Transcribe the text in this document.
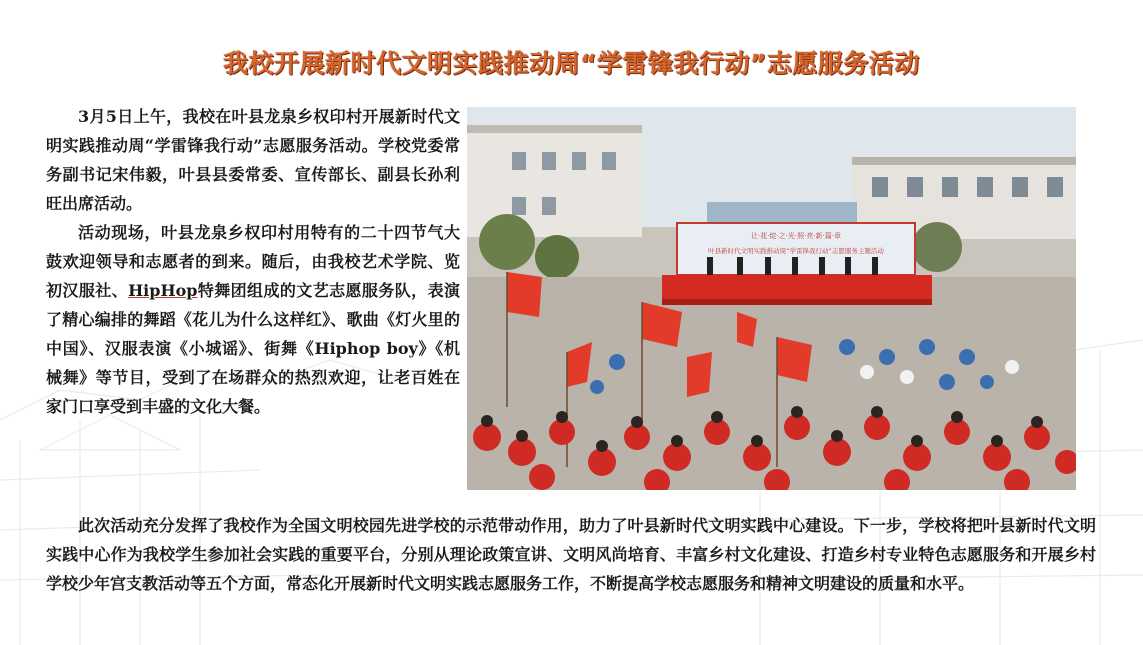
我校开展新时代文明实践推动周“学雷锋我行动”志愿服务活动

3月5日上午，我校在叶县龙泉乡权印村开展新时代文明实践推动周“学雷锋我行动”志愿服务活动。学校党委常务副书记宋伟毅，叶县县委常委、宣传部长、副县长孙利旺出席活动。

活动现场，叶县龙泉乡权印村用特有的二十四节气大鼓欢迎领导和志愿者的到来。随后，由我校艺术学院、览初汉服社、HipHop特舞团组成的文艺志愿服务队，表演了精心编排的舞蹈《花儿为什么这样红》、歌曲《灯火里的中国》、汉服表演《小城谣》、街舞《Hiphop boy》《机械舞》等节目，受到了在场群众的热烈欢迎，让老百姓在家门口享受到丰盛的文化大餐。

让·花·绽·之·光·照·亮·新·篇·章
叶县新时代文明实践推动周“学雷锋我行动”志愿服务主题活动

此次活动充分发挥了我校作为全国文明校园先进学校的示范带动作用，助力了叶县新时代文明实践中心建设。下一步，学校将把叶县新时代文明实践中心作为我校学生参加社会实践的重要平台，分别从理论政策宣讲、文明风尚培育、丰富乡村文化建设、打造乡村专业特色志愿服务和开展乡村学校少年宫支教活动等五个方面，常态化开展新时代文明实践志愿服务工作，不断提高学校志愿服务和精神文明建设的质量和水平。
